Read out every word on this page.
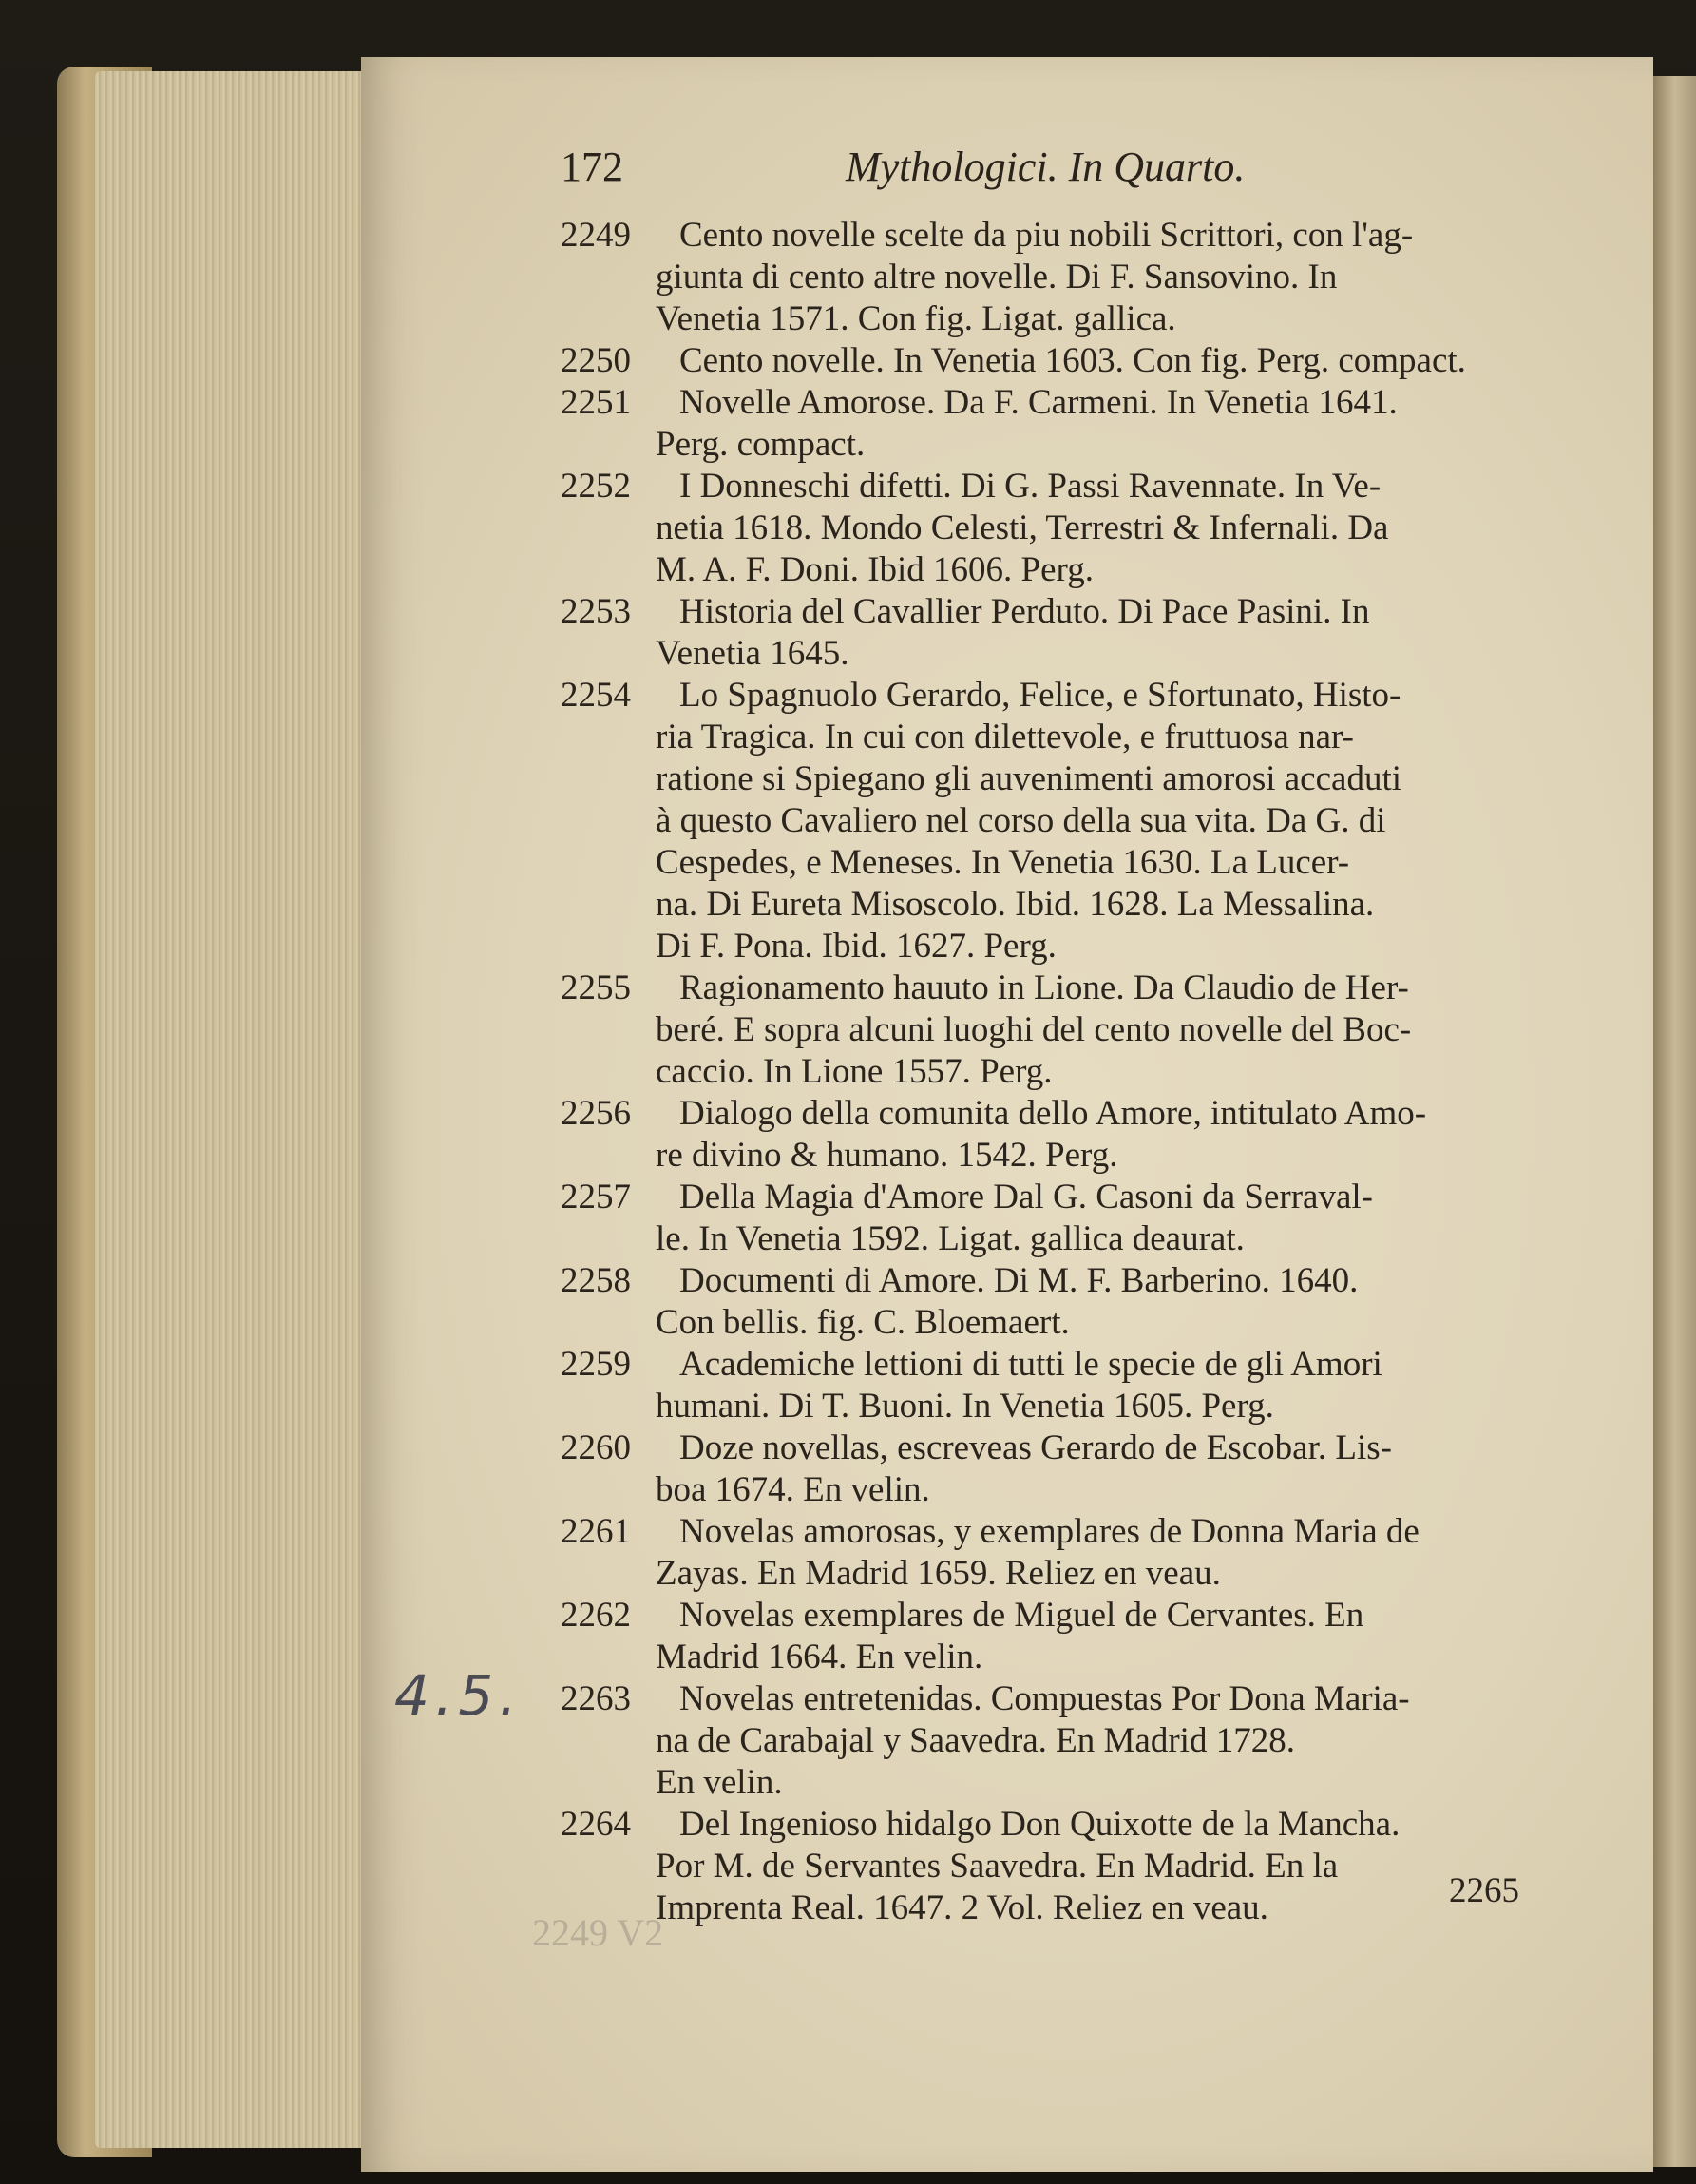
172	Mythologici. In Quarto.
2249	Cento novelle scelte da piu nobili Scrittori, con l'ag-
giunta di cento altre novelle. Di F. Sansovino. In
Venetia 1571. Con fig. Ligat. gallica.
2250	Cento novelle. In Venetia 1603. Con fig. Perg. compact.
2251	Novelle Amorose. Da F. Carmeni. In Venetia 1641.
Perg. compact.
2252	I Donneschi difetti. Di G. Passi Ravennate. In Ve-
netia 1618. Mondo Celesti, Terrestri & Infernali. Da
M. A. F. Doni. Ibid 1606. Perg.
2253	Historia del Cavallier Perduto. Di Pace Pasini. In
Venetia 1645.
2254	Lo Spagnuolo Gerardo, Felice, e Sfortunato, Histo-
ria Tragica. In cui con dilettevole, e fruttuosa nar-
ratione si Spiegano gli auvenimenti amorosi accaduti
à questo Cavaliero nel corso della sua vita. Da G. di
Cespedes, e Meneses. In Venetia 1630. La Lucer-
na. Di Eureta Misoscolo. Ibid. 1628. La Messalina.
Di F. Pona. Ibid. 1627. Perg.
2255	Ragionamento hauuto in Lione. Da Claudio de Her-
beré. E sopra alcuni luoghi del cento novelle del Boc-
caccio. In Lione 1557. Perg.
2256	Dialogo della comunita dello Amore, intitulato Amo-
re divino & humano. 1542. Perg.
2257	Della Magia d'Amore Dal G. Casoni da Serraval-
le. In Venetia 1592. Ligat. gallica deaurat.
2258	Documenti di Amore. Di M. F. Barberino. 1640.
Con bellis. fig. C. Bloemaert.
2259	Academiche lettioni di tutti le specie de gli Amori
humani. Di T. Buoni. In Venetia 1605. Perg.
2260	Doze novellas, escreveas Gerardo de Escobar. Lis-
boa 1674. En velin.
2261	Novelas amorosas, y exemplares de Donna Maria de
Zayas. En Madrid 1659. Reliez en veau.
2262	Novelas exemplares de Miguel de Cervantes. En
Madrid 1664. En velin.
2263	Novelas entretenidas. Compuestas Por Dona Maria-
na de Carabajal y Saavedra. En Madrid 1728.
En velin.
2264	Del Ingenioso hidalgo Don Quixotte de la Mancha.
Por M. de Servantes Saavedra. En Madrid. En la
Imprenta Real. 1647. 2 Vol. Reliez en veau.	2265
4.5.
2249 V2
